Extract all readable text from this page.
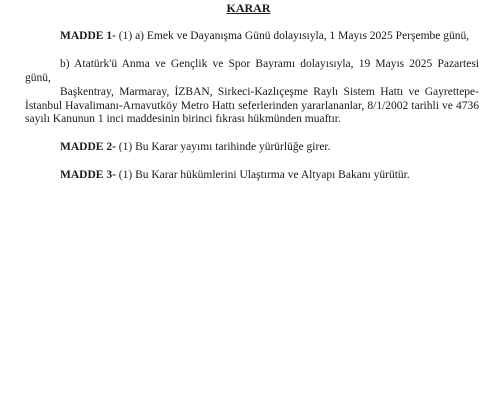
KARAR
MADDE 1- (1) a) Emek ve Dayanışma Günü dolayısıyla, 1 Mayıs 2025 Perşembe günü,
b) Atatürk'ü Anma ve Gençlik ve Spor Bayramı dolayısıyla, 19 Mayıs 2025 Pazartesi günü,
Başkentray, Marmaray, İZBAN, Sirkeci-Kazlıçeşme Raylı Sistem Hattı ve Gayrettepe-İstanbul Havalimanı-Arnavutköy Metro Hattı seferlerinden yararlananlar, 8/1/2002 tarihli ve 4736 sayılı Kanunun 1 inci maddesinin birinci fıkrası hükmünden muaftır.
MADDE 2- (1) Bu Karar yayımı tarihinde yürürlüğe girer.
MADDE 3- (1) Bu Karar hükümlerini Ulaştırma ve Altyapı Bakanı yürütür.
